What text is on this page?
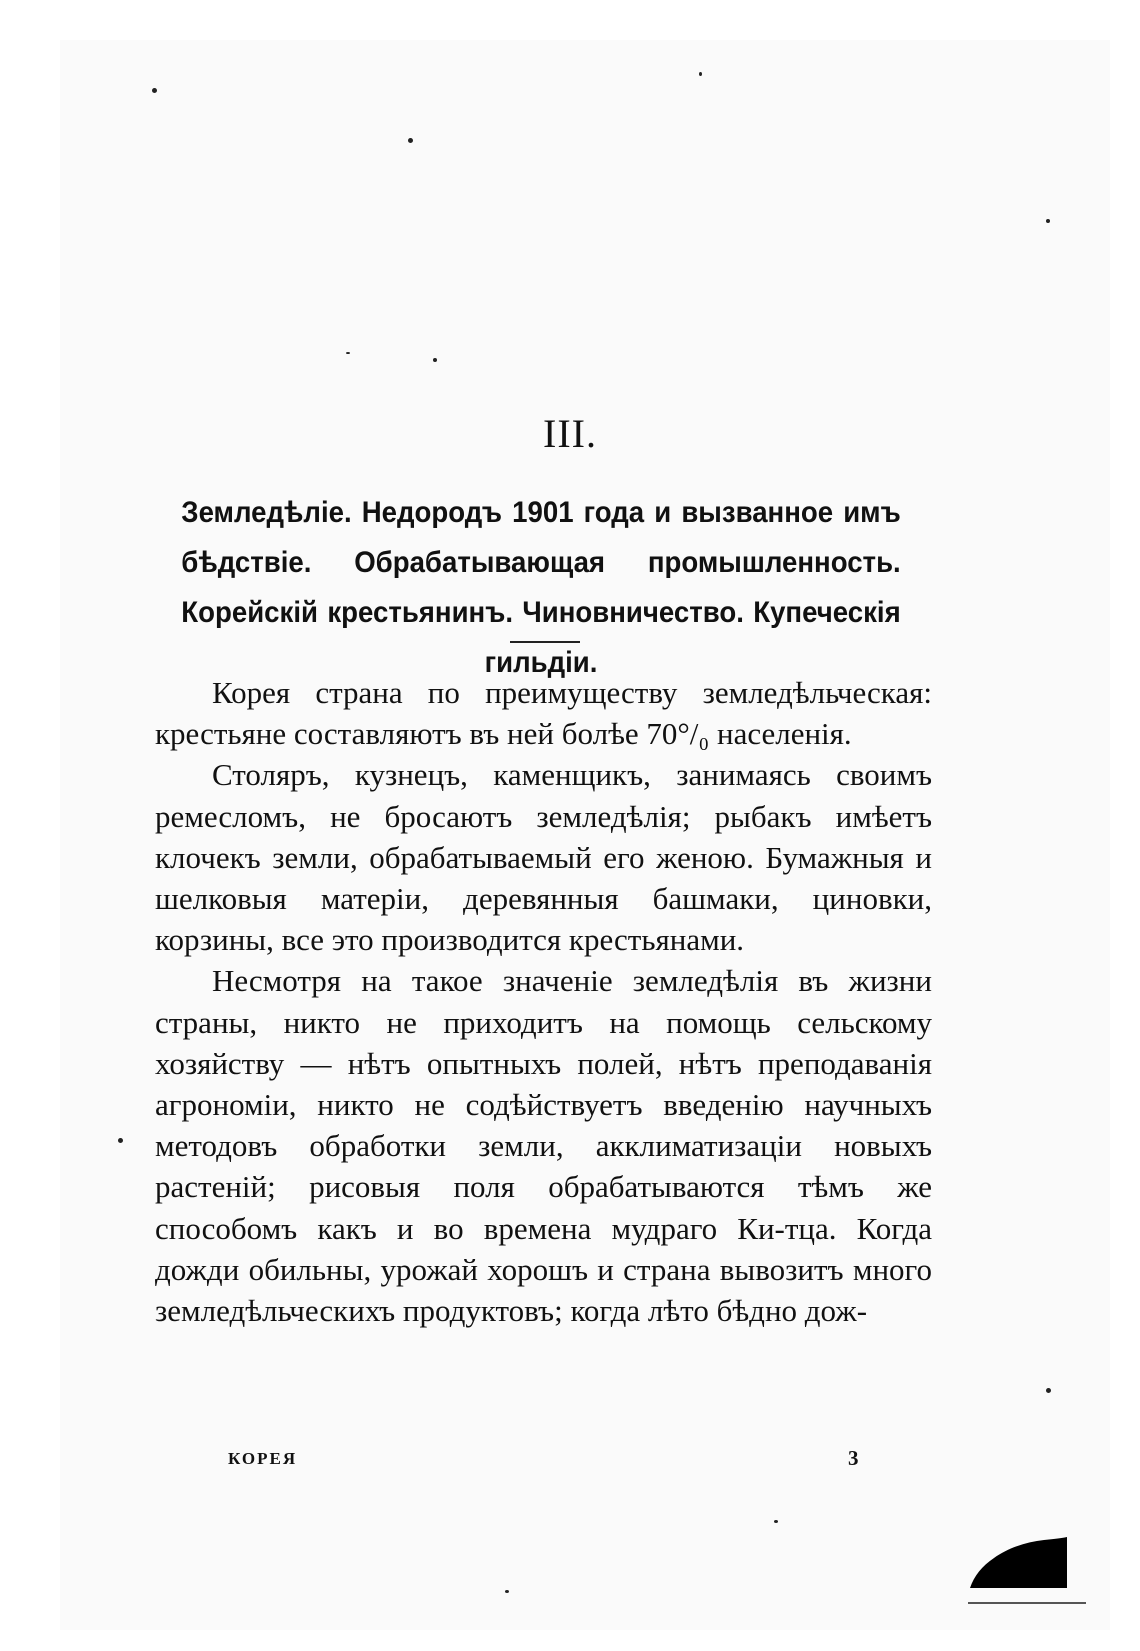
III.
Земледѣліе. Недородъ 1901 года и вызванное имъ бѣдствіе. Обрабатывающая промышленность. Корейскій крестьянинъ. Чиновничество. Купеческія гильдіи.

Корея страна по преимуществу земледѣльческая: крестьяне составляютъ въ ней болѣе 70°/₀ населенія.

Столяръ, кузнецъ, каменщикъ, занимаясь своимъ ремесломъ, не бросаютъ земледѣлія; рыбакъ имѣетъ клочекъ земли, обрабатываемый его женою. Бумажныя и шелковыя матеріи, деревянныя башмаки, циновки, корзины, все это производится крестьянами.

Несмотря на такое значеніе земледѣлія въ жизни страны, никто не приходитъ на помощь сельскому хозяйству — нѣтъ опытныхъ полей, нѣтъ преподаванія агрономіи, никто не содѣйствуетъ введенію научныхъ методовъ обработки земли, акклиматизаціи новыхъ растеній; рисовыя поля обрабатываются тѣмъ же способомъ какъ и во времена мудраго Ки-тца. Когда дожди обильны, урожай хорошъ и страна вывозитъ много земледѣльческихъ продуктовъ; когда лѣто бѣдно дож-

КОРЕЯ	3
